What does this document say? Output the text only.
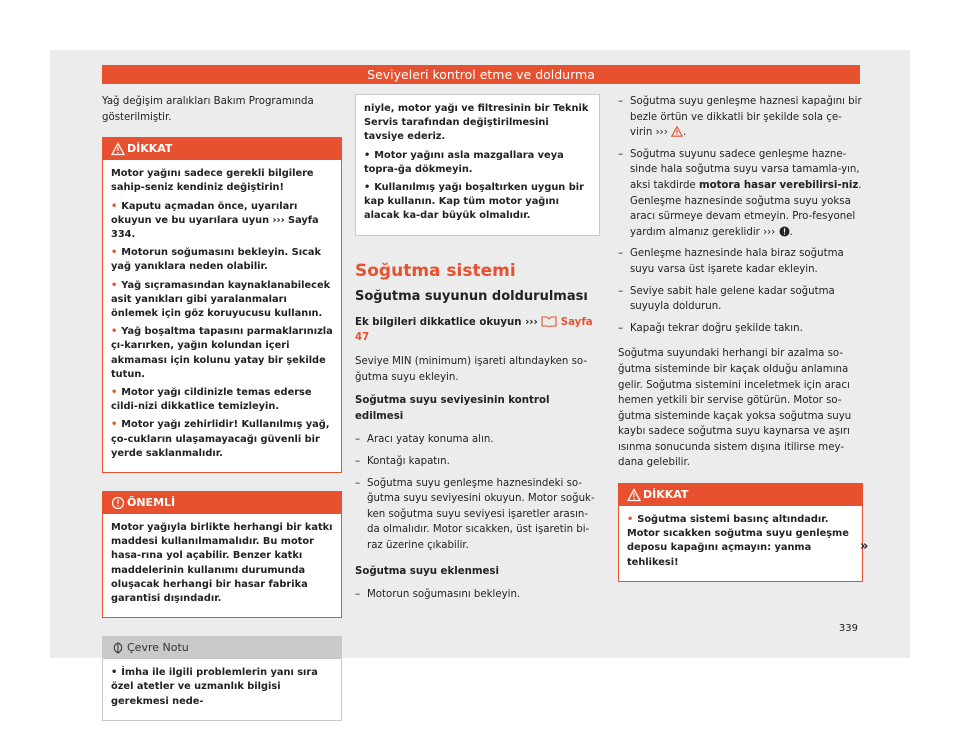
Seviyeleri kontrol etme ve doldurma

Yağ değişim aralıkları Bakım Programında gösterilmiştir.

DİKKAT

Motor yağını sadece gerekli bilgilere sahip-seniz kendiniz değiştirin!

• Kaputu açmadan önce, uyarıları okuyun ve bu uyarılara uyun ››› Sayfa 334.

• Motorun soğumasını bekleyin. Sıcak yağ yanıklara neden olabilir.

• Yağ sıçramasından kaynaklanabilecek asit yanıkları gibi yaralanmaları önlemek için göz koruyucusu kullanın.

• Yağ boşaltma tapasını parmaklarınızla çı-karırken, yağın kolundan içeri akmaması için kolunu yatay bir şekilde tutun.

• Motor yağı cildinizle temas ederse cildi-nizi dikkatlice temizleyin.

• Motor yağı zehirlidir! Kullanılmış yağ, ço-cukların ulaşamayacağı güvenli bir yerde saklanmalıdır.

ÖNEMLİ

Motor yağıyla birlikte herhangi bir katkı maddesi kullanılmamalıdır. Bu motor hasa-rına yol açabilir. Benzer katkı maddelerinin kullanımı durumunda oluşacak herhangi bir hasar fabrika garantisi dışındadır.

Çevre Notu

• İmha ile ilgili problemlerin yanı sıra özel atetler ve uzmanlık bilgisi gerekmesi nede-

niyle, motor yağı ve filtresinin bir Teknik Servis tarafından değiştirilmesini tavsiye ederiz.

• Motor yağını asla mazgallara veya topra-ğa dökmeyin.

• Kullanılmış yağı boşaltırken uygun bir kap kullanın. Kap tüm motor yağını alacak ka-dar büyük olmalıdır.

Soğutma sistemi
Soğutma suyunun doldurulması

Ek bilgileri dikkatlice okuyun ››› Sayfa 47

Seviye MIN (minimum) işareti altındayken so-ğutma suyu ekleyin.

Soğutma suyu seviyesinin kontrol edilmesi

– Aracı yatay konuma alın.
– Kontağı kapatın.
– Soğutma suyu genleşme haznesindeki so-ğutma suyu seviyesini okuyun. Motor soğuk-ken soğutma suyu seviyesi işaretler arasın-da olmalıdır. Motor sıcakken, üst işaretin bi-raz üzerine çıkabilir.

Soğutma suyu eklenmesi

– Motorun soğumasını bekleyin.
– Soğutma suyu genleşme haznesi kapağını bir bezle örtün ve dikkatli bir şekilde sola çe-virin ››› .
– Soğutma suyunu sadece genleşme hazne-sinde hala soğutma suyu varsa tamamla-yın, aksi takdirde motora hasar verebilirsi-niz. Genleşme haznesinde soğutma suyu yoksa aracı sürmeye devam etmeyin. Pro-fesyonel yardım almanız gereklidir ››› .
– Genleşme haznesinde hala biraz soğutma suyu varsa üst işarete kadar ekleyin.
– Seviye sabit hale gelene kadar soğutma suyuyla doldurun.
– Kapağı tekrar doğru şekilde takın.

Soğutma suyundaki herhangi bir azalma so-ğutma sisteminde bir kaçak olduğu anlamına gelir. Soğutma sistemini inceletmek için aracı hemen yetkili bir servise götürün. Motor so-ğutma sisteminde kaçak yoksa soğutma suyu kaybı sadece soğutma suyu kaynarsa ve aşırı ısınma sonucunda sistem dışına itilirse mey-dana gelebilir.

DİKKAT

• Soğutma sistemi basınç altındadır. Motor sıcakken soğutma suyu genleşme deposu kapağını açmayın: yanma tehlikesi!

»
339
